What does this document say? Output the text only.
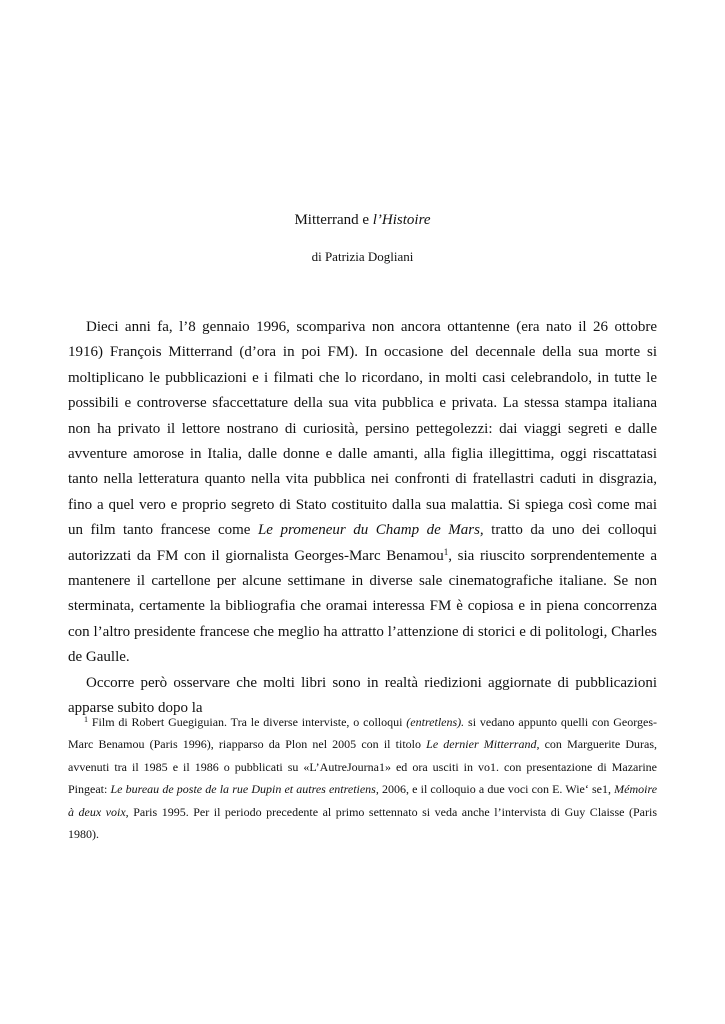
Mitterrand e l’Histoire
di Patrizia Dogliani

Dieci anni fa, l’8 gennaio 1996, scompariva non ancora ottantenne (era nato il 26 ottobre 1916) François Mitterrand (d’ora in poi FM). In occasione del decennale della sua morte si moltiplicano le pubblicazioni e i filmati che lo ricordano, in molti casi celebrandolo, in tutte le possibili e controverse sfaccettature della sua vita pubblica e privata. La stessa stampa italiana non ha privato il lettore nostrano di curiosità, persino pettegolezzi: dai viaggi segreti e dalle avventure amorose in Italia, dalle donne e dalle amanti, alla figlia illegittima, oggi riscattatasi tanto nella letteratura quanto nella vita pubblica nei confronti di fratellastri caduti in disgrazia, fino a quel vero e proprio segreto di Stato costituito dalla sua malattia. Si spiega così come mai un film tanto francese come Le promeneur du Champ de Mars, tratto da uno dei colloqui autorizzati da FM con il giornalista Georges-Marc Benamou$^1$, sia riuscito sorprendentemente a mantenere il cartellone per alcune settimane in diverse sale cinematografiche italiane. Se non sterminata, certamente la bibliografia che oramai interessa FM è copiosa e in piena concorrenza con l’altro presidente francese che meglio ha attratto l’attenzione di storici e di politologi, Charles de Gaulle.

Occorre però osservare che molti libri sono in realtà riedizioni aggiornate di pubblicazioni apparse subito dopo la

$^1$ Film di Robert Guegiguian. Tra le diverse interviste, o colloqui (entretlens). si vedano appunto quelli con Georges-Marc Benamou (Paris 1996), riapparso da Plon nel 2005 con il titolo Le dernier Mitterrand, con Marguerite Duras, avvenuti tra il 1985 e il 1986 o pubblicati su «L’AutreJourna1» ed ora usciti in vo1. con presentazione di Mazarine Pingeat: Le bureau de poste de la rue Dupin et autres entretiens, 2006, e il colloquio a due voci con E. Wie‘ se1, Mémoire à deux voix, Paris 1995. Per il periodo precedente al primo settennato si veda anche l’intervista di Guy Claisse (Paris 1980).
